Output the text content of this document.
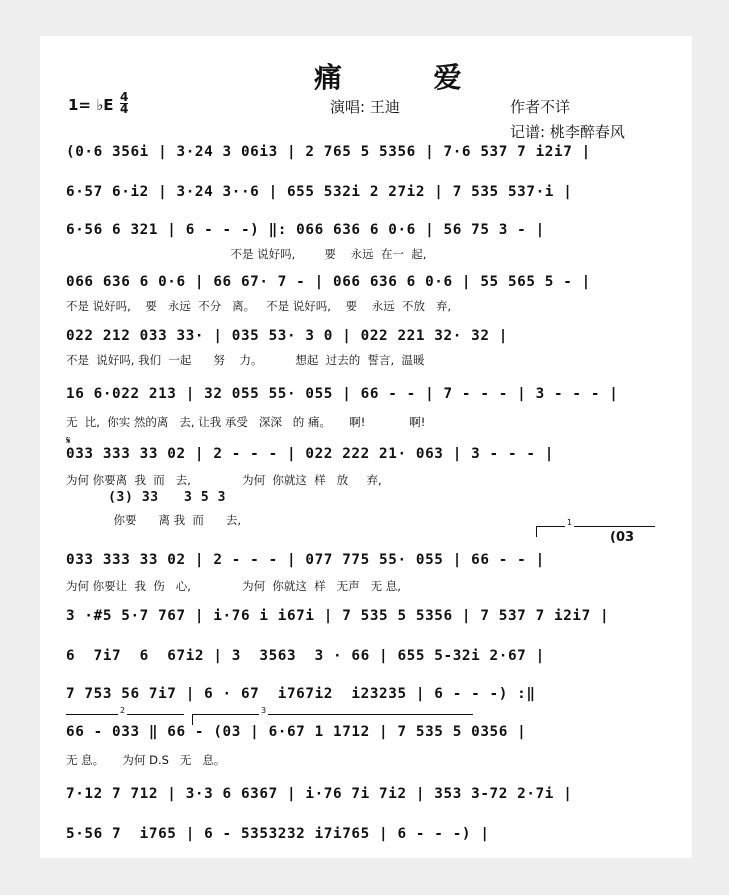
痛  爱
演唱: 王迪	作者不详
记谱: 桃李醉春风
1= ♭E $\frac{4}{4}$
(0·6 356i | 3·24 3 06i3 | 2 765 5 5356 | 7·6 537 7 i2i7 |
6·57 6·i2 | 3·24 3··6 | 655 532i 2 27i2 | 7 535 537·i |
6·56 6 321 | 6 - - -) ‖: 066 636 6 0·6 | 56 75 3 - |
不是 说好吗,        要    永远  在一  起,
066 636 6 0·6 | 66 67· 7 - | 066 636 6 0·6 | 55 565 5 - |
不是 说好吗,    要   永远  不分   离。   不是 说好吗,    要    永远  不放   弃,
022 212 033 33· | 035 53· 3 0 | 022 221 32· 32 |
不是  说好吗, 我们  一起      努    力。         想起  过去的  誓言,  温暖
16 6·022 213 | 32 055 55· 055 | 66 - - | 7 - - - | 3 - - - |
无  比,  你实 然的离   去, 让我 承受   深深   的 痛。     啊!            啊!
𝄋
033 333 33 02 | 2 - - - | 022 222 21· 063 | 3 - - - |
为何 你要离  我  而   去,              为何  你就这  样   放     弃,
(3) 33   3 5 3
你要      离 我  而      去,	1
(03
033 333 33 02 | 2 - - - | 077 775 55· 055 | 66 - - |
为何 你要让  我  伤   心,              为何  你就这  样   无声   无 息,
3 ·#5 5·7 767 | i·76 i i67i | 7 535 5 5356 | 7 537 7 i2i7 |
6  7i7  6  67i2 | 3  3563  3 · 66 | 655 5-32i 2·67 |
7 753 56 7i7 | 6 · 67  i767i2  i23235 | 6 - - -) :‖
2	3
66 - 033 ‖ 66 - (03 | 6·67 1 1712 | 7 535 5 0356 |
无 息。     为何 D.S   无   息。
7·12 7 712 | 3·3 6 6367 | i·76 7i 7i2 | 353 3-72 2·7i |
5·56 7  i765 | 6 - 5353232 i7i765 | 6 - - -) |
